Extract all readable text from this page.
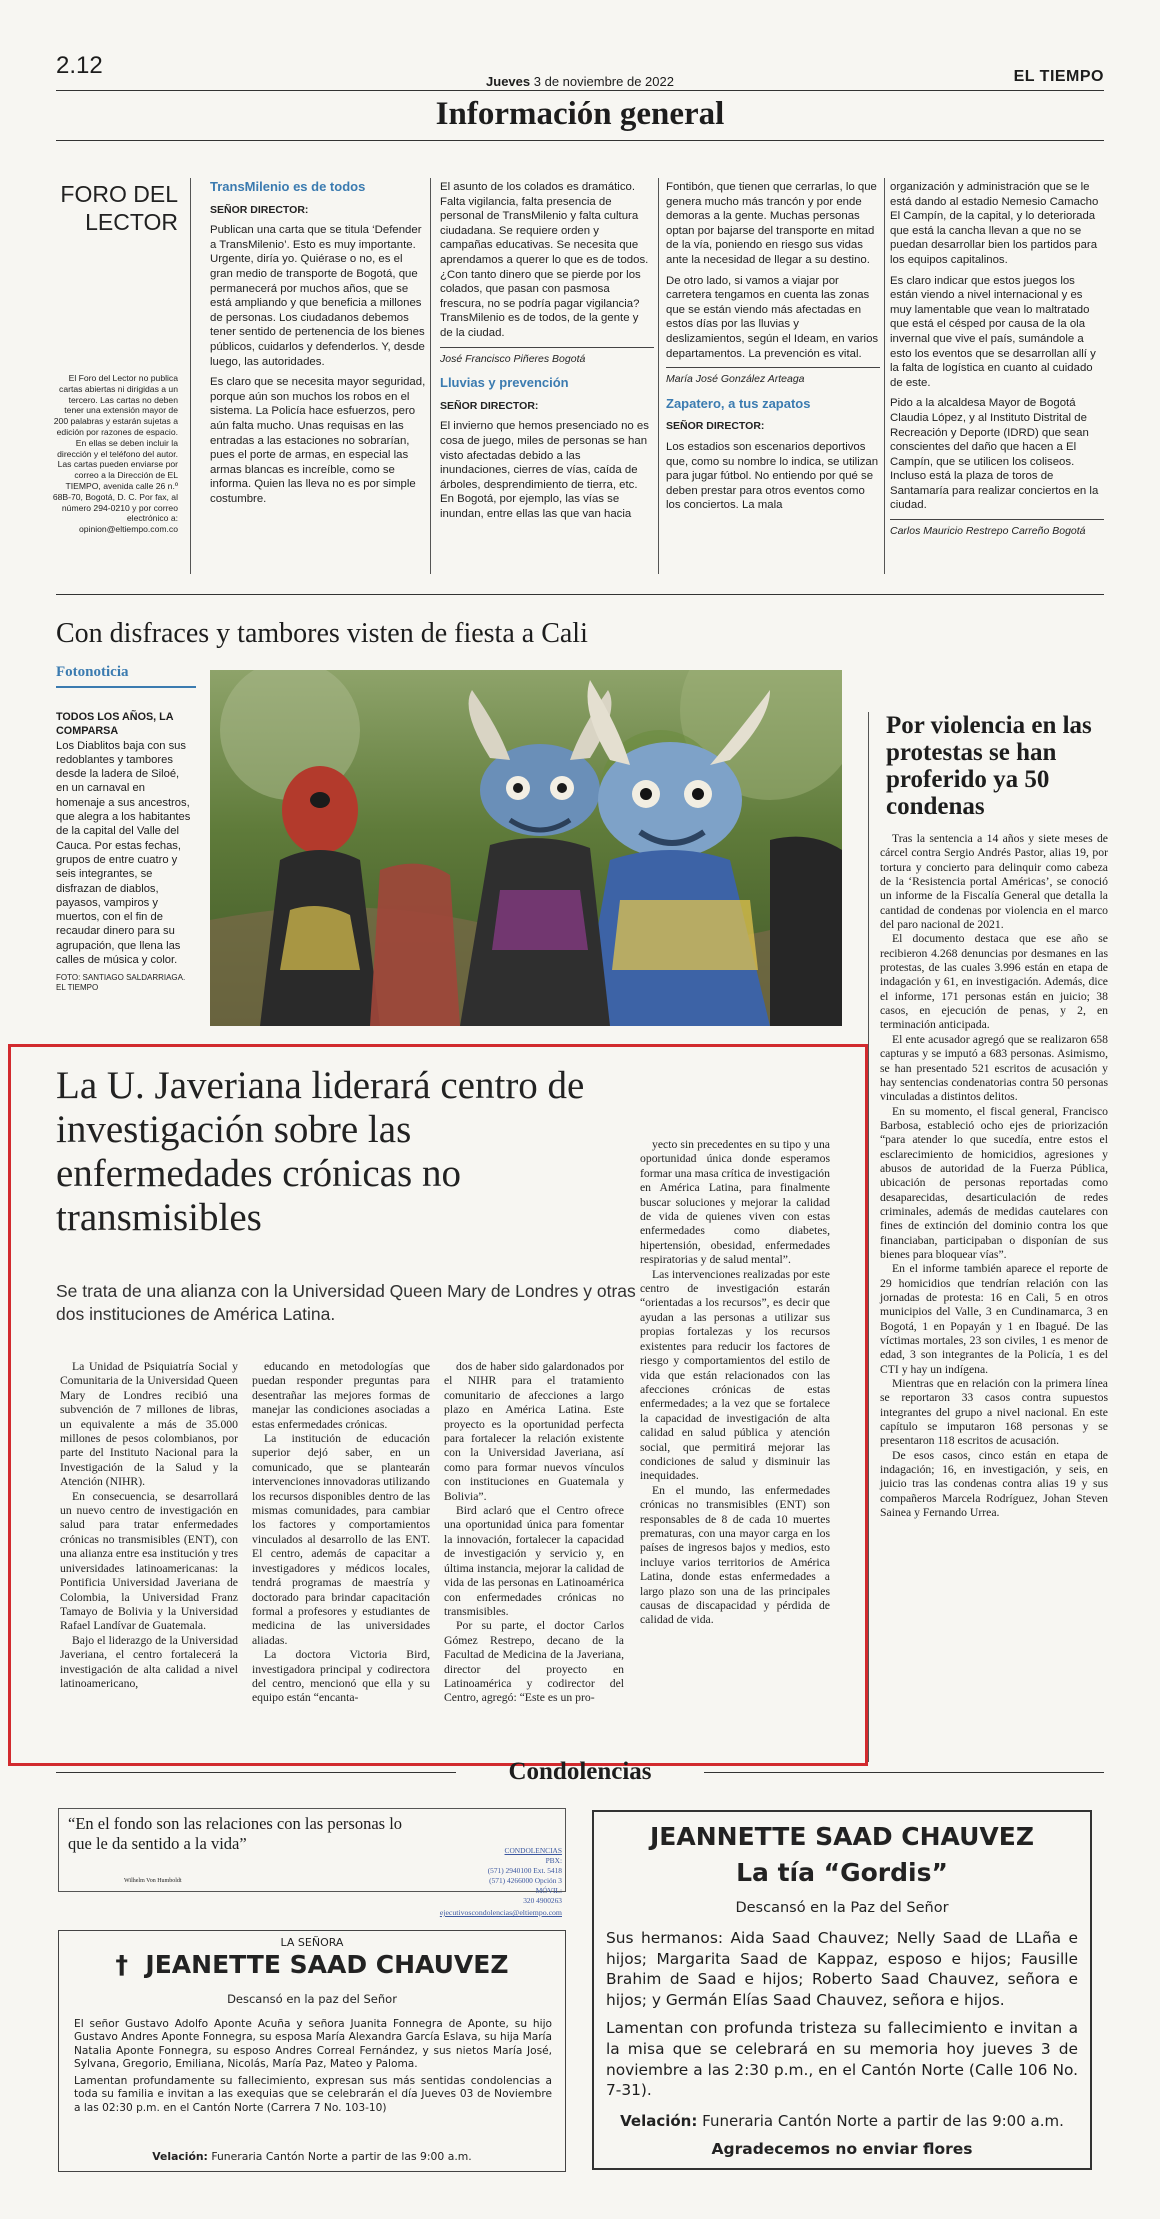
2.12
Jueves 3 de noviembre de 2022	EL TIEMPO
Información general
FORO DEL
LECTOR
El Foro del Lector no publica cartas abiertas ni dirigidas a un tercero. Las cartas no deben tener una extensión mayor de 200 palabras y estarán sujetas a edición por razones de espacio. En ellas se deben incluir la dirección y el teléfono del autor. Las cartas pueden enviarse por correo a la Dirección de EL TIEMPO, avenida calle 26 n.º 68B-70, Bogotá, D. C. Por fax, al número 294-0210 y por correo electrónico a: opinion@eltiempo.com.co

TransMilenio es de todos

SEÑOR DIRECTOR:

Publican una carta que se titula ‘Defender a TransMilenio’. Esto es muy importante. Urgente, diría yo. Quiérase o no, es el gran medio de transporte de Bogotá, que permanecerá por muchos años, que se está ampliando y que beneficia a millones de personas. Los ciudadanos debemos tener sentido de pertenencia de los bienes públicos, cuidarlos y defenderlos. Y, desde luego, las autoridades.

Es claro que se necesita mayor seguridad, porque aún son muchos los robos en el sistema. La Policía hace esfuerzos, pero aún falta mucho. Unas requisas en las entradas a las estaciones no sobrarían, pues el porte de armas, en especial las armas blancas es increíble, como se informa. Quien las lleva no es por simple costumbre.

El asunto de los colados es dramático. Falta vigilancia, falta presencia de personal de TransMilenio y falta cultura ciudadana. Se requiere orden y campañas educativas. Se necesita que aprendamos a querer lo que es de todos. ¿Con tanto dinero que se pierde por los colados, que pasan con pasmosa frescura, no se podría pagar vigilancia? TransMilenio es de todos, de la gente y de la ciudad.

José Francisco Piñeres Bogotá

Lluvias y prevención

SEÑOR DIRECTOR:

El invierno que hemos presenciado no es cosa de juego, miles de personas se han visto afectadas debido a las inundaciones, cierres de vías, caída de árboles, desprendimiento de tierra, etc. En Bogotá, por ejemplo, las vías se inundan, entre ellas las que van hacia

Fontibón, que tienen que cerrarlas, lo que genera mucho más trancón y por ende demoras a la gente. Muchas personas optan por bajarse del transporte en mitad de la vía, poniendo en riesgo sus vidas ante la necesidad de llegar a su destino.

De otro lado, si vamos a viajar por carretera tengamos en cuenta las zonas que se están viendo más afectadas en estos días por las lluvias y deslizamientos, según el Ideam, en varios departamentos. La prevención es vital.

María José González Arteaga

Zapatero, a tus zapatos

SEÑOR DIRECTOR:

Los estadios son escenarios deportivos que, como su nombre lo indica, se utilizan para jugar fútbol. No entiendo por qué se deben prestar para otros eventos como los conciertos. La mala

organización y administración que se le está dando al estadio Nemesio Camacho El Campín, de la capital, y lo deteriorada que está la cancha llevan a que no se puedan desarrollar bien los partidos para los equipos capitalinos.

Es claro indicar que estos juegos los están viendo a nivel internacional y es muy lamentable que vean lo maltratado que está el césped por causa de la ola invernal que vive el país, sumándole a esto los eventos que se desarrollan allí y la falta de logística en cuanto al cuidado de este.

Pido a la alcaldesa Mayor de Bogotá Claudia López, y al Instituto Distrital de Recreación y Deporte (IDRD) que sean conscientes del daño que hacen a El Campín, que se utilicen los coliseos. Incluso está la plaza de toros de Santamaría para realizar conciertos en la ciudad.

Carlos Mauricio Restrepo Carreño Bogotá

Con disfraces y tambores visten de fiesta a Cali
Fotonoticia
TODOS LOS AÑOS, LA COMPARSA
Los Diablitos baja con sus redoblantes y tambores desde la ladera de Siloé, en un carnaval en homenaje a sus ancestros, que alegra a los habitantes de la capital del Valle del Cauca. Por estas fechas, grupos de entre cuatro y seis integrantes, se disfrazan de diablos, payasos, vampiros y muertos, con el fin de recaudar dinero para su agrupación, que llena las calles de música y color.
FOTO: SANTIAGO SALDARRIAGA. EL TIEMPO
Por violencia en las protestas se han proferido ya 50 condenas

Tras la sentencia a 14 años y siete meses de cárcel contra Sergio Andrés Pastor, alias 19, por tortura y concierto para delinquir como cabeza de la ‘Resistencia portal Américas’, se conoció un informe de la Fiscalía General que detalla la cantidad de condenas por violencia en el marco del paro nacional de 2021.

El documento destaca que ese año se recibieron 4.268 denuncias por desmanes en las protestas, de las cuales 3.996 están en etapa de indagación y 61, en investigación. Además, dice el informe, 171 personas están en juicio; 38 casos, en ejecución de penas, y 2, en terminación anticipada.

El ente acusador agregó que se realizaron 658 capturas y se imputó a 683 personas. Asimismo, se han presentado 521 escritos de acusación y hay sentencias condenatorias contra 50 personas vinculadas a distintos delitos.

En su momento, el fiscal general, Francisco Barbosa, estableció ocho ejes de priorización “para atender lo que sucedía, entre estos el esclarecimiento de homicidios, agresiones y abusos de autoridad de la Fuerza Pública, ubicación de personas reportadas como desaparecidas, desarticulación de redes criminales, además de medidas cautelares con fines de extinción del dominio contra los que financiaban, participaban o disponían de sus bienes para bloquear vías”.

En el informe también aparece el reporte de 29 homicidios que tendrían relación con las jornadas de protesta: 16 en Cali, 5 en otros municipios del Valle, 3 en Cundinamarca, 3 en Bogotá, 1 en Popayán y 1 en Ibagué. De las víctimas mortales, 23 son civiles, 1 es menor de edad, 3 son integrantes de la Policía, 1 es del CTI y hay un indígena.

Mientras que en relación con la primera línea se reportaron 33 casos contra supuestos integrantes del grupo a nivel nacional. En este capítulo se imputaron 168 personas y se presentaron 118 escritos de acusación.

De esos casos, cinco están en etapa de indagación; 16, en investigación, y seis, en juicio tras las condenas contra alias 19 y sus compañeros Marcela Rodríguez, Johan Steven Sainea y Fernando Urrea.

La U. Javeriana liderará centro de investigación sobre las enfermedades crónicas no transmisibles
Se trata de una alianza con la Universidad Queen Mary de Londres y otras dos instituciones de América Latina.

La Unidad de Psiquiatría Social y Comunitaria de la Universidad Queen Mary de Londres recibió una subvención de 7 millones de libras, un equivalente a más de 35.000 millones de pesos colombianos, por parte del Instituto Nacional para la Investigación de la Salud y la Atención (NIHR).

En consecuencia, se desarrollará un nuevo centro de investigación en salud para tratar enfermedades crónicas no transmisibles (ENT), con una alianza entre esa institución y tres universidades latinoamericanas: la Pontificia Universidad Javeriana de Colombia, la Universidad Franz Tamayo de Bolivia y la Universidad Rafael Landívar de Guatemala.

Bajo el liderazgo de la Universidad Javeriana, el centro fortalecerá la investigación de alta calidad a nivel latinoamericano,

educando en metodologías que puedan responder preguntas para desentrañar las mejores formas de manejar las condiciones asociadas a estas enfermedades crónicas.

La institución de educación superior dejó saber, en un comunicado, que se plantearán intervenciones innovadoras utilizando los recursos disponibles dentro de las mismas comunidades, para cambiar los factores y comportamientos vinculados al desarrollo de las ENT. El centro, además de capacitar a investigadores y médicos locales, tendrá programas de maestría y doctorado para brindar capacitación formal a profesores y estudiantes de medicina de las universidades aliadas.

La doctora Victoria Bird, investigadora principal y codirectora del centro, mencionó que ella y su equipo están “encanta-

dos de haber sido galardonados por el NIHR para el tratamiento comunitario de afecciones a largo plazo en América Latina. Este proyecto es la oportunidad perfecta para fortalecer la relación existente con la Universidad Javeriana, así como para formar nuevos vínculos con instituciones en Guatemala y Bolivia”.

Bird aclaró que el Centro ofrece una oportunidad única para fomentar la innovación, fortalecer la capacidad de investigación y servicio y, en última instancia, mejorar la calidad de vida de las personas en Latinoamérica con enfermedades crónicas no transmisibles.

Por su parte, el doctor Carlos Gómez Restrepo, decano de la Facultad de Medicina de la Javeriana, director del proyecto en Latinoamérica y codirector del Centro, agregó: “Este es un pro-

yecto sin precedentes en su tipo y una oportunidad única donde esperamos formar una masa crítica de investigación en América Latina, para finalmente buscar soluciones y mejorar la calidad de vida de quienes viven con estas enfermedades como diabetes, hipertensión, obesidad, enfermedades respiratorias y de salud mental”.

Las intervenciones realizadas por este centro de investigación estarán “orientadas a los recursos”, es decir que ayudan a las personas a utilizar sus propias fortalezas y los recursos existentes para reducir los factores de riesgo y comportamientos del estilo de vida que están relacionados con las afecciones crónicas de estas enfermedades; a la vez que se fortalece la capacidad de investigación de alta calidad en salud pública y atención social, que permitirá mejorar las condiciones de salud y disminuir las inequidades.

En el mundo, las enfermedades crónicas no transmisibles (ENT) son responsables de 8 de cada 10 muertes prematuras, con una mayor carga en los países de ingresos bajos y medios, esto incluye varios territorios de América Latina, donde estas enfermedades a largo plazo son una de las principales causas de discapacidad y pérdida de calidad de vida.

Condolencias
“En el fondo son las relaciones con las personas lo que le da sentido a la vida”
Wilhelm Von Humboldt
CONDOLENCIAS
PBX:
(571) 2940100 Ext. 5418
(571) 4266000 Opción 3
MÓVIL:
320 4900263
ejecutivoscondolencias@eltiempo.com
LA SEÑORA
† JEANETTE SAAD CHAUVEZ
Descansó en la paz del Señor

El señor Gustavo Adolfo Aponte Acuña y señora Juanita Fonnegra de Aponte, su hijo Gustavo Andres Aponte Fonnegra, su esposa María Alexandra García Eslava, su hija María Natalia Aponte Fonnegra, su esposo Andres Correal Fernández, y sus nietos María José, Sylvana, Gregorio, Emiliana, Nicolás, María Paz, Mateo y Paloma.

Lamentan profundamente su fallecimiento, expresan sus más sentidas condolencias a toda su familia e invitan a las exequias que se celebrarán el día Jueves 03 de Noviembre a las 02:30 p.m. en el Cantón Norte (Carrera 7 No. 103-10)

Velación: Funeraria Cantón Norte a partir de las 9:00 a.m.
JEANNETTE SAAD CHAUVEZ
La tía “Gordis”
Descansó en la Paz del Señor

Sus hermanos: Aida Saad Chauvez; Nelly Saad de LLaña e hijos; Margarita Saad de Kappaz, esposo e hijos; Fausille Brahim de Saad e hijos; Roberto Saad Chauvez, señora e hijos; y Germán Elías Saad Chauvez, señora e hijos.

Lamentan con profunda tristeza su fallecimiento e invitan a la misa que se celebrará en su memoria hoy jueves 3 de noviembre a las 2:30 p.m., en el Cantón Norte (Calle 106 No. 7-31).

Velación: Funeraria Cantón Norte a partir de las 9:00 a.m.
Agradecemos no enviar flores
